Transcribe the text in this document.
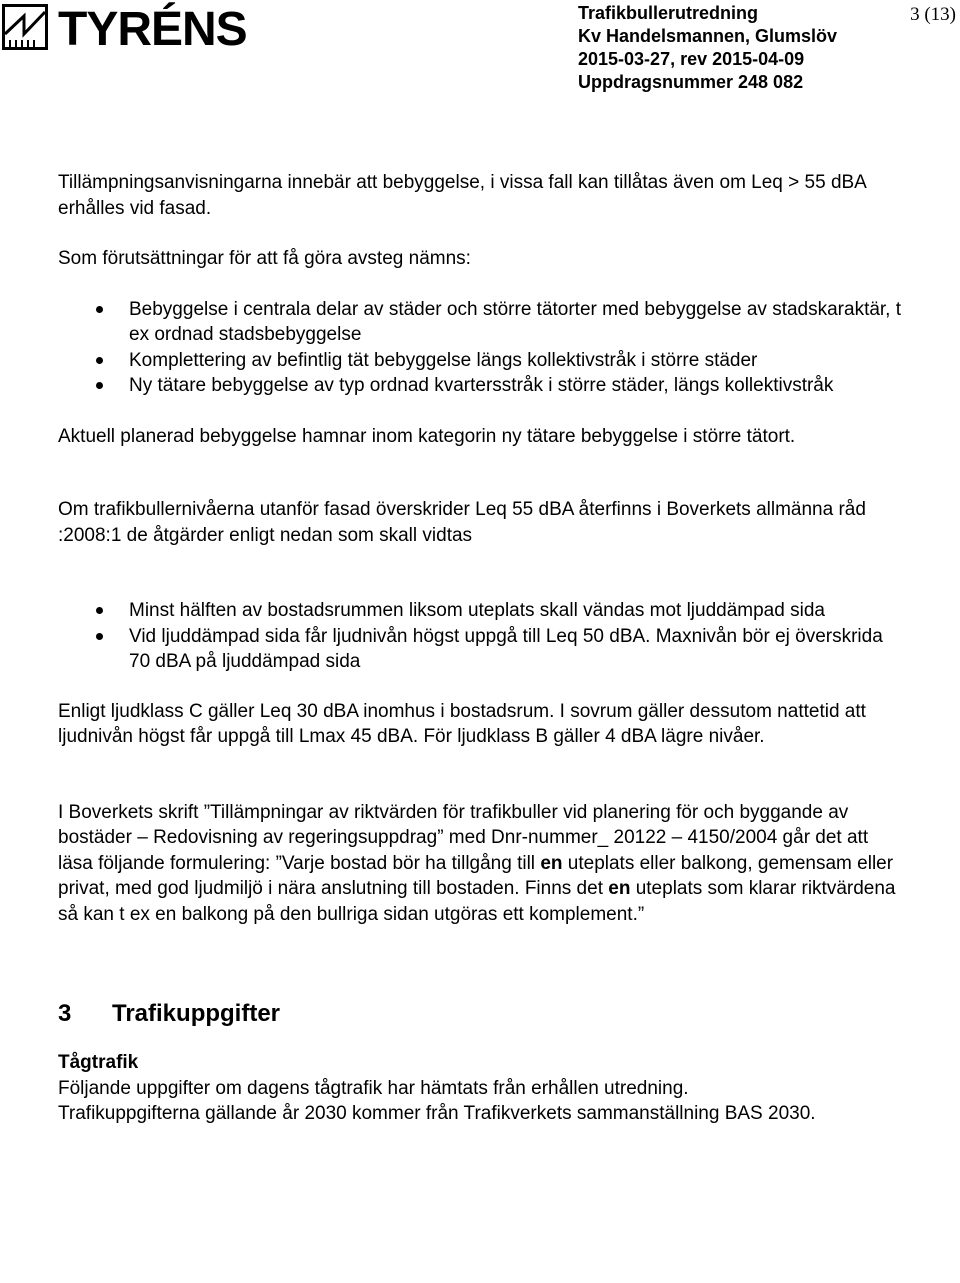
TYRÉNS	Trafikbullerutredning
Kv Handelsmannen, Glumslöv
2015-03-27, rev 2015-04-09
Uppdragsnummer 248 082
3 (13)

Tillämpningsanvisningarna innebär att bebyggelse, i vissa fall kan tillåtas även om Leq > 55 dBA erhålles vid fasad.

Som förutsättningar för att få göra avsteg nämns:

Bebyggelse i centrala delar av städer och större tätorter med bebyggelse av stadskaraktär, t ex ordnad stadsbebyggelse
Komplettering av befintlig tät bebyggelse längs kollektivstråk i större städer
Ny tätare bebyggelse av typ ordnad kvartersstråk i större städer, längs kollektivstråk

Aktuell planerad bebyggelse hamnar inom kategorin ny tätare bebyggelse i större tätort.

Om trafikbullernivåerna utanför fasad överskrider Leq 55 dBA återfinns i Boverkets allmänna råd :2008:1 de åtgärder enligt nedan som skall vidtas

Minst hälften av bostadsrummen liksom uteplats skall vändas mot ljuddämpad sida
Vid ljuddämpad sida får ljudnivån högst uppgå till Leq 50 dBA. Maxnivån bör ej överskrida 70 dBA på ljuddämpad sida

Enligt ljudklass C gäller Leq 30 dBA inomhus i bostadsrum. I sovrum gäller dessutom nattetid att ljudnivån högst får uppgå till Lmax 45 dBA. För ljudklass B gäller 4 dBA lägre nivåer.

I Boverkets skrift ”Tillämpningar av riktvärden för trafikbuller vid planering för och byggande av bostäder – Redovisning av regeringsuppdrag” med Dnr-nummer_ 20122 – 4150/2004 går det att läsa följande formulering: ”Varje bostad bör ha tillgång till en uteplats eller balkong, gemensam eller privat, med god ljudmiljö i nära anslutning till bostaden. Finns det en uteplats som klarar riktvärdena så kan t ex en balkong på den bullriga sidan utgöras ett komplement.”

3 Trafikuppgifter

Tågtrafik

Följande uppgifter om dagens tågtrafik har hämtats från erhållen utredning.

Trafikuppgifterna gällande år 2030 kommer från Trafikverkets sammanställning BAS 2030.
